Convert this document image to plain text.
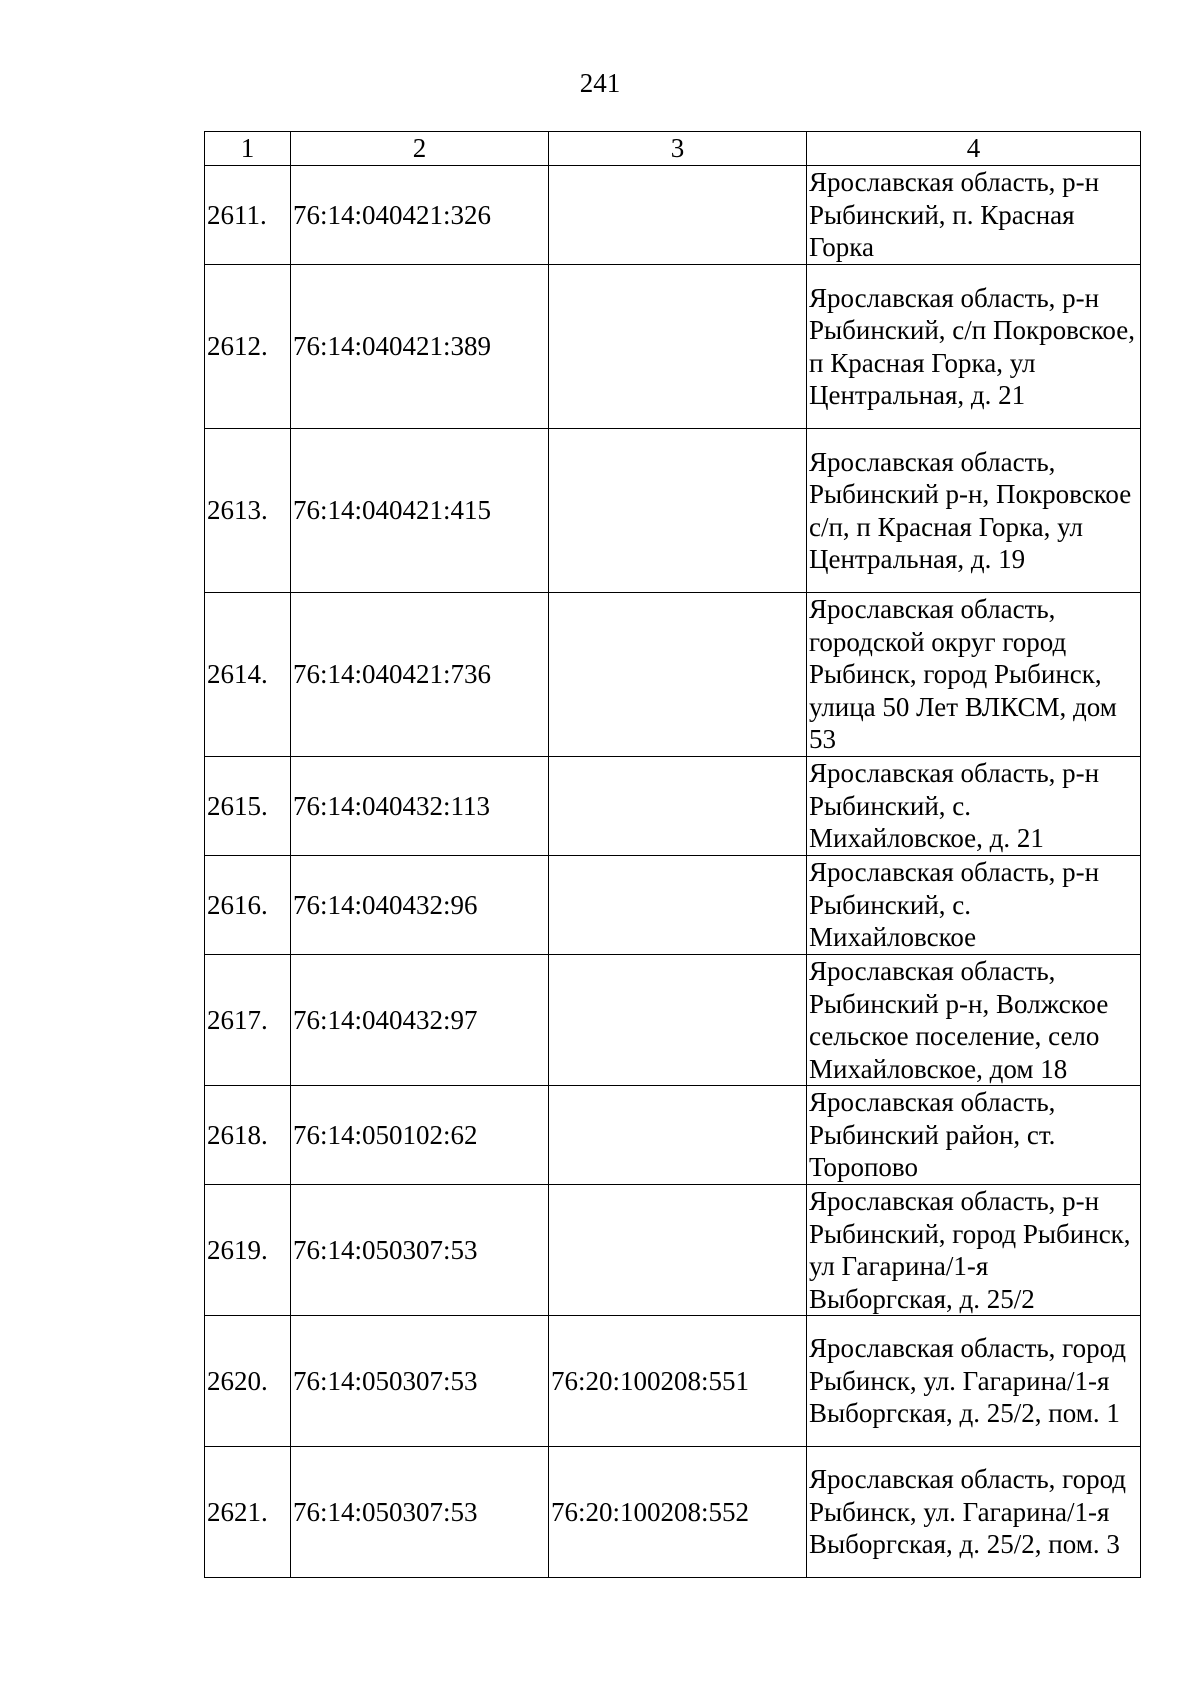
241
1	2	3	4
2611.	76:14:040421:326		Ярославская область, р-н Рыбинский, п. Красная Горка
2612.	76:14:040421:389		Ярославская область, р-н Рыбинский, с/п Покровское, п Красная Горка, ул Центральная, д. 21
2613.	76:14:040421:415		Ярославская область, Рыбинский р-н, Покровское с/п, п Красная Горка, ул Центральная, д. 19
2614.	76:14:040421:736		Ярославская область, городской округ город Рыбинск, город Рыбинск, улица 50 Лет ВЛКСМ, дом 53
2615.	76:14:040432:113		Ярославская область, р-н Рыбинский, с. Михайловское, д. 21
2616.	76:14:040432:96		Ярославская область, р-н Рыбинский, с. Михайловское
2617.	76:14:040432:97		Ярославская область, Рыбинский р-н, Волжское сельское поселение, село Михайловское, дом 18
2618.	76:14:050102:62		Ярославская область, Рыбинский район, ст. Торопово
2619.	76:14:050307:53		Ярославская область, р-н Рыбинский, город Рыбинск, ул Гагарина/1-я Выборгская, д. 25/2
2620.	76:14:050307:53	76:20:100208:551	Ярославская область, город Рыбинск, ул. Гагарина/1-я Выборгская, д. 25/2, пом. 1
2621.	76:14:050307:53	76:20:100208:552	Ярославская область, город Рыбинск, ул. Гагарина/1-я Выборгская, д. 25/2, пом. 3
